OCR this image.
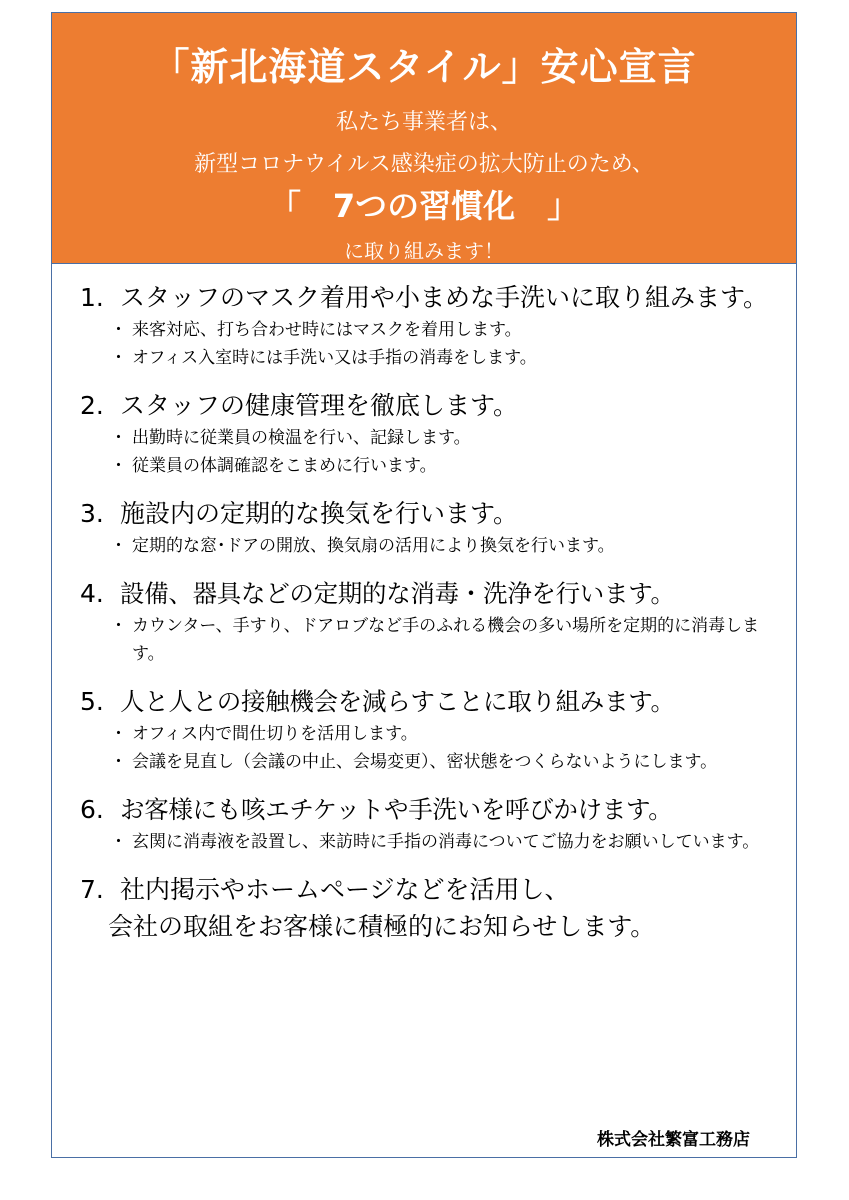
「新北海道スタイル」安心宣言
私たち事業者は、
新型コロナウイルス感染症の拡大防止のため、
「　7つの習慣化　」
に取り組みます！
1. スタッフのマスク着用や小まめな手洗いに取り組みます。
・ 来客対応、打ち合わせ時にはマスクを着用します。
・ オフィス入室時には手洗い又は手指の消毒をします。
2. スタッフの健康管理を徹底します。
・ 出勤時に従業員の検温を行い、記録します。
・ 従業員の体調確認をこまめに行います。
3. 施設内の定期的な換気を行います。
・ 定期的な窓･ドアの開放、換気扇の活用により換気を行います。
4. 設備、器具などの定期的な消毒・洗浄を行います。
・ カウンター、手すり、ドアロブなど手のふれる機会の多い場所を定期的に消毒します。
5. 人と人との接触機会を減らすことに取り組みます。
・ オフィス内で間仕切りを活用します。
・ 会議を見直し（会議の中止、会場変更）、密状態をつくらないようにします。
6. お客様にも咳エチケットや手洗いを呼びかけます。
・ 玄関に消毒液を設置し、来訪時に手指の消毒についてご協力をお願いしています。
7. 社内掲示やホームページなどを活用し、
会社の取組をお客様に積極的にお知らせします。
株式会社繁富工務店
